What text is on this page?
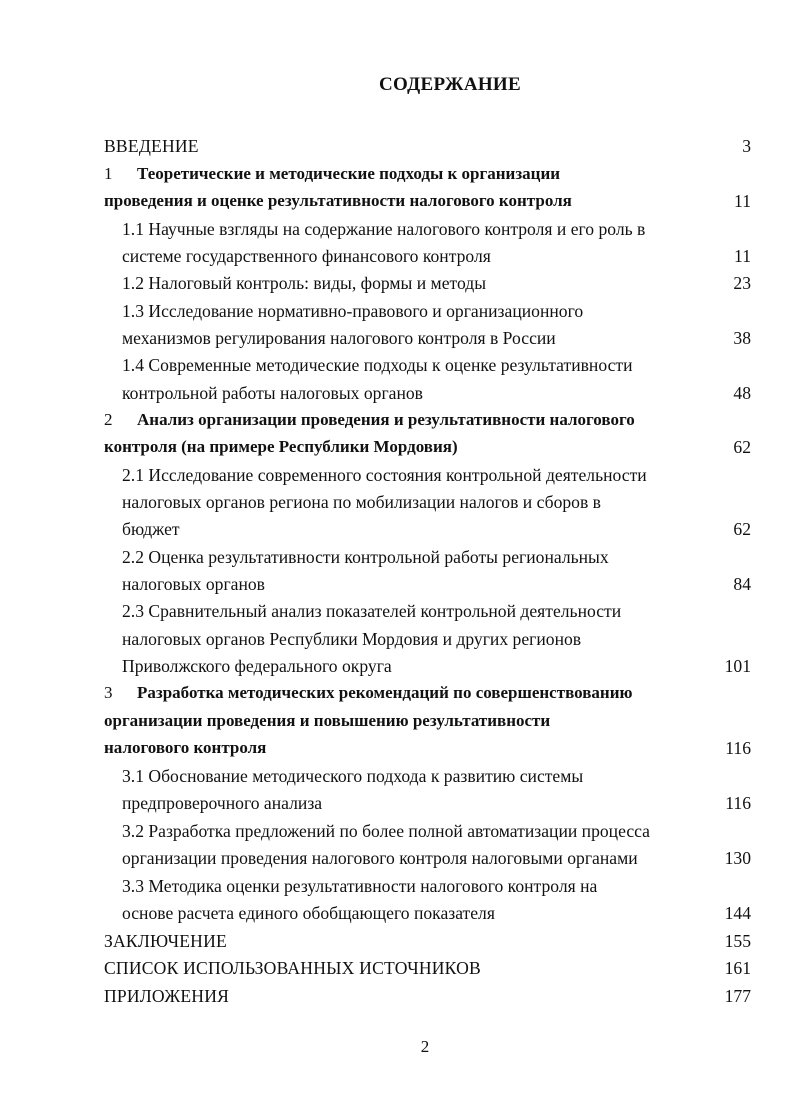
СОДЕРЖАНИЕ
ВВЕДЕНИЕ	3
1 Теоретические и методические подходы к организации
проведения и оценке результативности налогового контроля	11
1.1 Научные взгляды на содержание налогового контроля и его роль в
системе государственного финансового контроля	11
1.2 Налоговый контроль: виды, формы и методы	23
1.3 Исследование нормативно-правового и организационного
механизмов регулирования налогового контроля в России	38
1.4 Современные методические подходы к оценке результативности
контрольной работы налоговых органов	48
2 Анализ организации проведения и результативности налогового
контроля (на примере Республики Мордовия)	62
2.1 Исследование современного состояния контрольной деятельности
налоговых органов региона по мобилизации налогов и сборов в
бюджет	62
2.2 Оценка результативности контрольной работы региональных
налоговых органов	84
2.3 Сравнительный анализ показателей контрольной деятельности
налоговых органов Республики Мордовия и других регионов
Приволжского федерального округа	101
3 Разработка методических рекомендаций по совершенствованию
организации проведения и повышению результативности
налогового контроля	116
3.1 Обоснование методического подхода к развитию системы
предпроверочного анализа	116
3.2 Разработка предложений по более полной автоматизации процесса
организации проведения налогового контроля налоговыми органами	130
3.3 Методика оценки результативности налогового контроля на
основе расчета единого обобщающего показателя	144
ЗАКЛЮЧЕНИЕ	155
СПИСОК ИСПОЛЬЗОВАННЫХ ИСТОЧНИКОВ	161
ПРИЛОЖЕНИЯ	177
2
